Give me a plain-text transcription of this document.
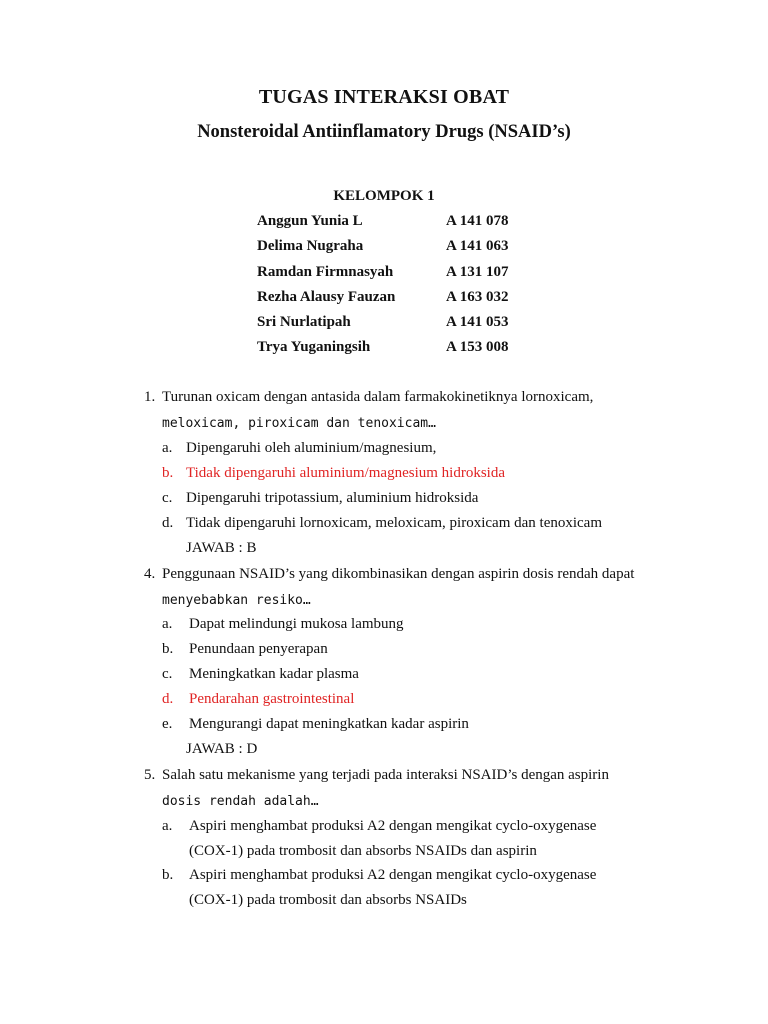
TUGAS INTERAKSI OBAT
Nonsteroidal Antiinflamatory Drugs (NSAID’s)
KELOMPOK 1
Anggun Yunia L	A 141 078
Delima Nugraha	A 141 063
Ramdan Firmnasyah	A 131 107
Rezha Alausy Fauzan	A 163 032
Sri Nurlatipah	A 141 053
Trya Yuganingsih	A 153 008
1. Turunan oxicam dengan antasida dalam farmakokinetiknya lornoxicam,
meloxicam, piroxicam dan tenoxicam…
a. Dipengaruhi oleh aluminium/magnesium,
b. Tidak dipengaruhi aluminium/magnesium hidroksida
c. Dipengaruhi tripotassium, aluminium hidroksida
d. Tidak dipengaruhi lornoxicam, meloxicam, piroxicam dan tenoxicam
JAWAB : B
4. Penggunaan NSAID’s yang dikombinasikan dengan aspirin dosis rendah dapat
menyebabkan resiko…
a. Dapat melindungi mukosa lambung
b. Penundaan penyerapan
c. Meningkatkan kadar plasma
d. Pendarahan gastrointestinal
e. Mengurangi dapat meningkatkan kadar aspirin
JAWAB : D
5. Salah satu mekanisme yang terjadi pada interaksi NSAID’s dengan aspirin
dosis rendah adalah…
a. Aspiri menghambat produksi A2 dengan mengikat cyclo-oxygenase
(COX-1) pada trombosit dan absorbs NSAIDs dan aspirin
b. Aspiri menghambat produksi A2 dengan mengikat cyclo-oxygenase
(COX-1) pada trombosit dan absorbs NSAIDs
